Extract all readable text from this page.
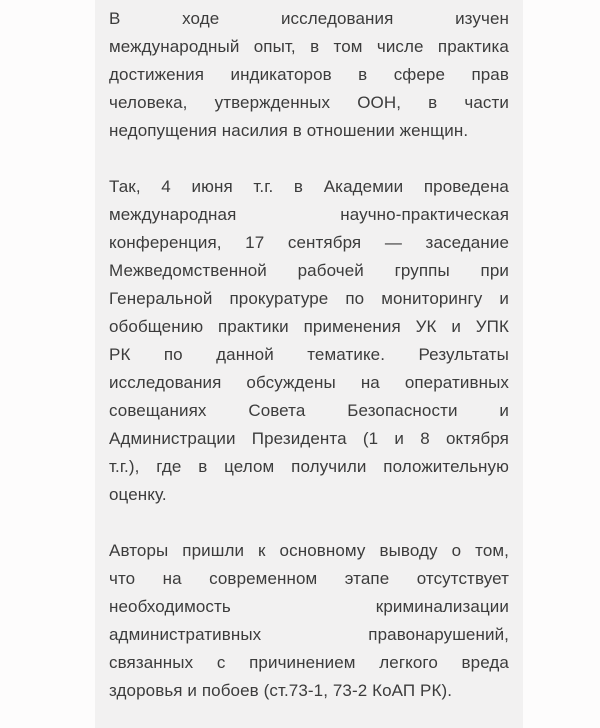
В ходе исследования изучен
международный опыт, в том числе практика
достижения индикаторов в сфере прав
человека, утвержденных ООН, в части
недопущения насилия в отношении женщин.

Так, 4 июня т.г. в Академии проведена
международная научно-практическая
конференция, 17 сентября — заседание
Межведомственной рабочей группы при
Генеральной прокуратуре по мониторингу и
обобщению практики применения УК и УПК
РК по данной тематике. Результаты
исследования обсуждены на оперативных
совещаниях Совета Безопасности и
Администрации Президента (1 и 8 октября
т.г.), где в целом получили положительную
оценку.

Авторы пришли к основному выводу о том,
что на современном этапе отсутствует
необходимость криминализации
административных правонарушений,
связанных с причинением легкого вреда
здоровья и побоев (ст.73-1, 73-2 КоАП РК).
